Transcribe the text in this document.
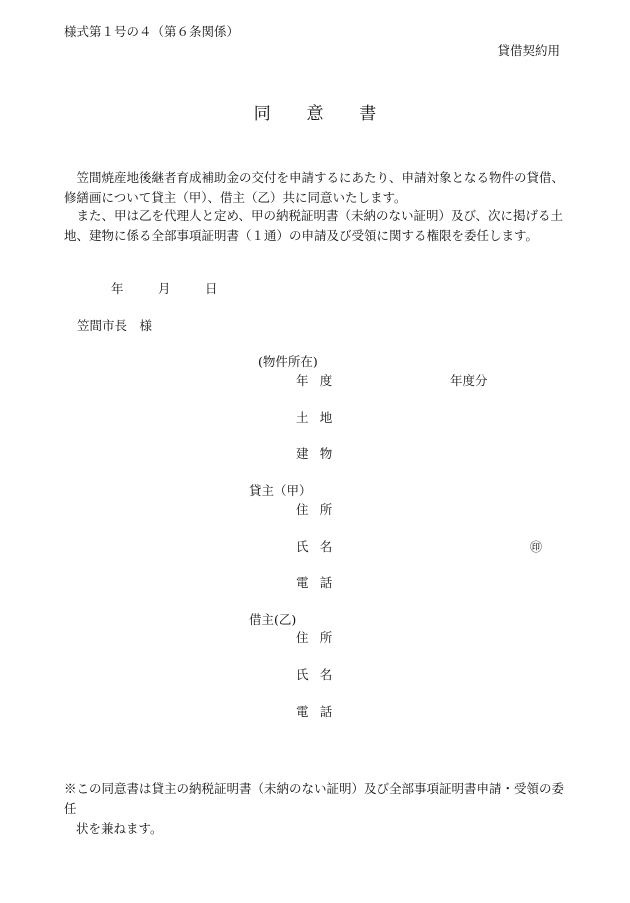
様式第１号の４（第６条関係）
貸借契約用
同　意　書

笠間焼産地後継者育成補助金の交付を申請するにあたり、申請対象となる物件の貸借、修繕画について貸主（甲）、借主（乙）共に同意いたします。

また、甲は乙を代理人と定め、甲の納税証明書（未納のない証明）及び、次に掲げる土地、建物に係る全部事項証明書（１通）の申請及び受領に関する権限を委任します。

年	月	日
笠間市長　様
(物件所在)
年度	年度分
土地
建物
貸主（甲）
住所
氏名	㊞
電話
借主(乙)
住所
氏名
電話
※この同意書は貸主の納税証明書（未納のない証明）及び全部事項証明書申請・受領の委任
状を兼ねます。
